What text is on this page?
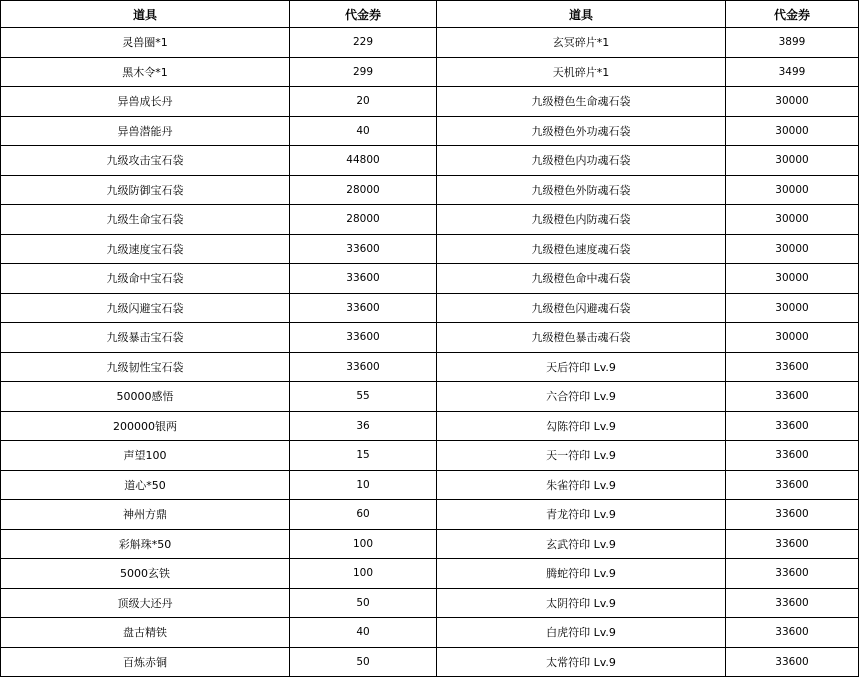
道具	代金券	道具	代金券
灵兽圈*1	229	玄冥碎片*1	3899
黑木令*1	299	天机碎片*1	3499
异兽成长丹	20	九级橙色生命魂石袋	30000
异兽潜能丹	40	九级橙色外功魂石袋	30000
九级攻击宝石袋	44800	九级橙色内功魂石袋	30000
九级防御宝石袋	28000	九级橙色外防魂石袋	30000
九级生命宝石袋	28000	九级橙色内防魂石袋	30000
九级速度宝石袋	33600	九级橙色速度魂石袋	30000
九级命中宝石袋	33600	九级橙色命中魂石袋	30000
九级闪避宝石袋	33600	九级橙色闪避魂石袋	30000
九级暴击宝石袋	33600	九级橙色暴击魂石袋	30000
九级韧性宝石袋	33600	天后符印 Lv.9	33600
50000感悟	55	六合符印 Lv.9	33600
200000银两	36	勾陈符印 Lv.9	33600
声望100	15	天一符印 Lv.9	33600
道心*50	10	朱雀符印 Lv.9	33600
神州方鼎	60	青龙符印 Lv.9	33600
彩斛珠*50	100	玄武符印 Lv.9	33600
5000玄铁	100	腾蛇符印 Lv.9	33600
顶级大还丹	50	太阴符印 Lv.9	33600
盘古精铁	40	白虎符印 Lv.9	33600
百炼赤铜	50	太常符印 Lv.9	33600
